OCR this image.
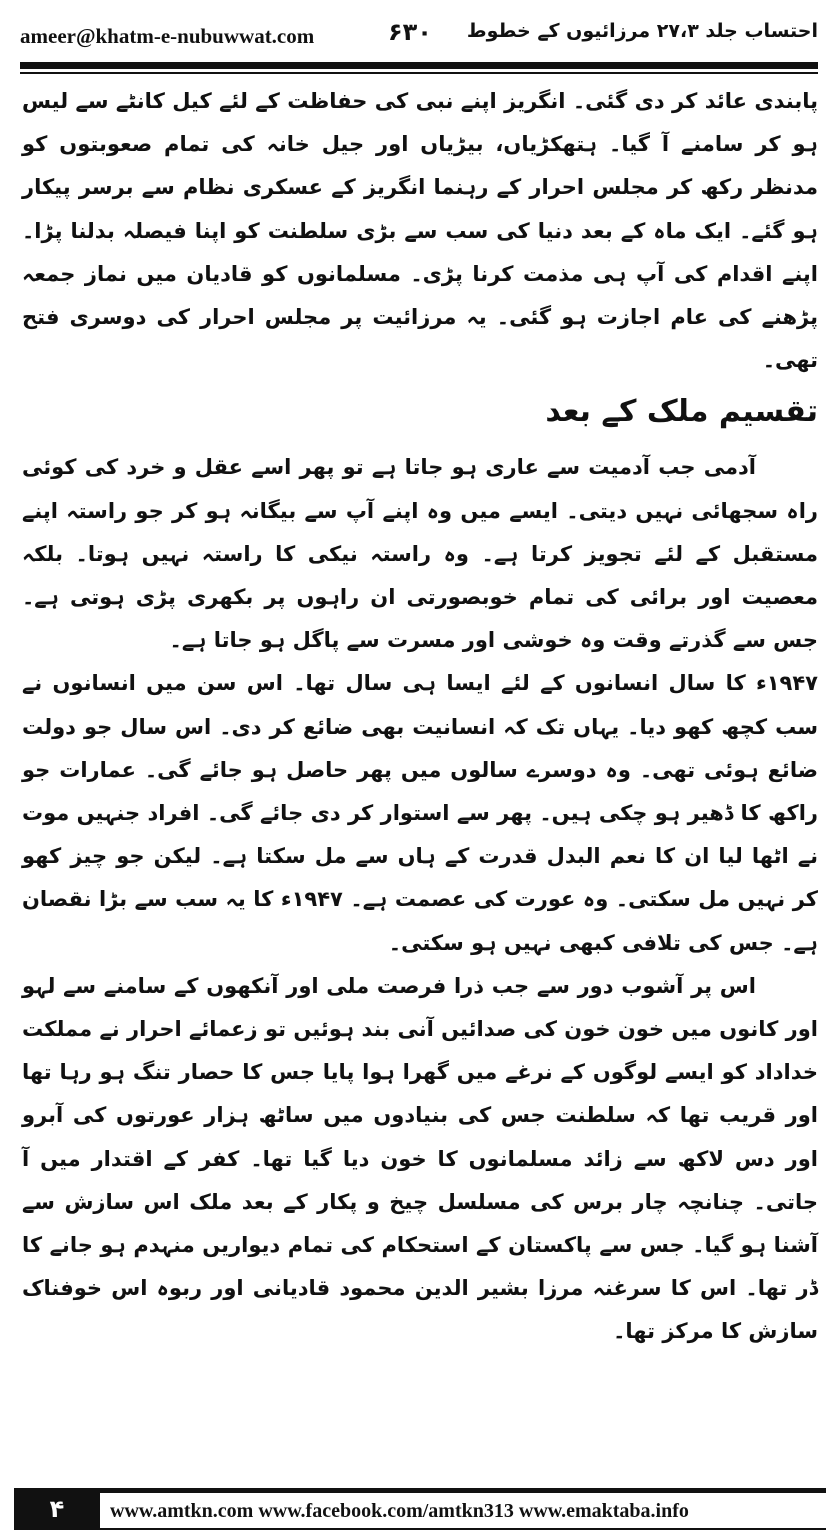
ameer@khatm-e-nubuwwat.com	۶۳۰ احتساب جلد ۲۷،۳ مرزائیوں کے خطوط

پابندی عائد کر دی گئی۔ انگریز اپنے نبی کی حفاظت کے لئے کیل کانٹے سے لیس ہو کر سامنے آ گیا۔ ہتھکڑیاں، بیڑیاں اور جیل خانہ کی تمام صعوبتوں کو مدنظر رکھ کر مجلس احرار کے رہنما انگریز کے عسکری نظام سے برسر پیکار ہو گئے۔ ایک ماہ کے بعد دنیا کی سب سے بڑی سلطنت کو اپنا فیصلہ بدلنا پڑا۔ اپنے اقدام کی آپ ہی مذمت کرنا پڑی۔ مسلمانوں کو قادیان میں نماز جمعہ پڑھنے کی عام اجازت ہو گئی۔ یہ مرزائیت پر مجلس احرار کی دوسری فتح تھی۔

تقسیم ملک کے بعد

آدمی جب آدمیت سے عاری ہو جاتا ہے تو پھر اسے عقل و خرد کی کوئی راہ سجھائی نہیں دیتی۔ ایسے میں وہ اپنے آپ سے بیگانہ ہو کر جو راستہ اپنے مستقبل کے لئے تجویز کرتا ہے۔ وہ راستہ نیکی کا راستہ نہیں ہوتا۔ بلکہ معصیت اور برائی کی تمام خوبصورتی ان راہوں پر بکھری پڑی ہوتی ہے۔ جس سے گذرتے وقت وہ خوشی اور مسرت سے پاگل ہو جاتا ہے۔

۱۹۴۷ء کا سال انسانوں کے لئے ایسا ہی سال تھا۔ اس سن میں انسانوں نے سب کچھ کھو دیا۔ یہاں تک کہ انسانیت بھی ضائع کر دی۔ اس سال جو دولت ضائع ہوئی تھی۔ وہ دوسرے سالوں میں پھر حاصل ہو جائے گی۔ عمارات جو راکھ کا ڈھیر ہو چکی ہیں۔ پھر سے استوار کر دی جائے گی۔ افراد جنہیں موت نے اٹھا لیا ان کا نعم البدل قدرت کے ہاں سے مل سکتا ہے۔ لیکن جو چیز کھو کر نہیں مل سکتی۔ وہ عورت کی عصمت ہے۔ ۱۹۴۷ء کا یہ سب سے بڑا نقصان ہے۔ جس کی تلافی کبھی نہیں ہو سکتی۔

اس پر آشوب دور سے جب ذرا فرصت ملی اور آنکھوں کے سامنے سے لہو اور کانوں میں خون خون کی صدائیں آنی بند ہوئیں تو زعمائے احرار نے مملکت خداداد کو ایسے لوگوں کے نرغے میں گھرا ہوا پایا جس کا حصار تنگ ہو رہا تھا اور قریب تھا کہ سلطنت جس کی بنیادوں میں ساٹھ ہزار عورتوں کی آبرو اور دس لاکھ سے زائد مسلمانوں کا خون دیا گیا تھا۔ کفر کے اقتدار میں آ جاتی۔ چنانچہ چار برس کی مسلسل چیخ و پکار کے بعد ملک اس سازش سے آشنا ہو گیا۔ جس سے پاکستان کے استحکام کی تمام دیواریں منہدم ہو جانے کا ڈر تھا۔ اس کا سرغنہ مرزا بشیر الدین محمود قادیانی اور ربوہ اس خوفناک سازش کا مرکز تھا۔

۴	www.amtkn.com www.facebook.com/amtkn313 www.emaktaba.info
